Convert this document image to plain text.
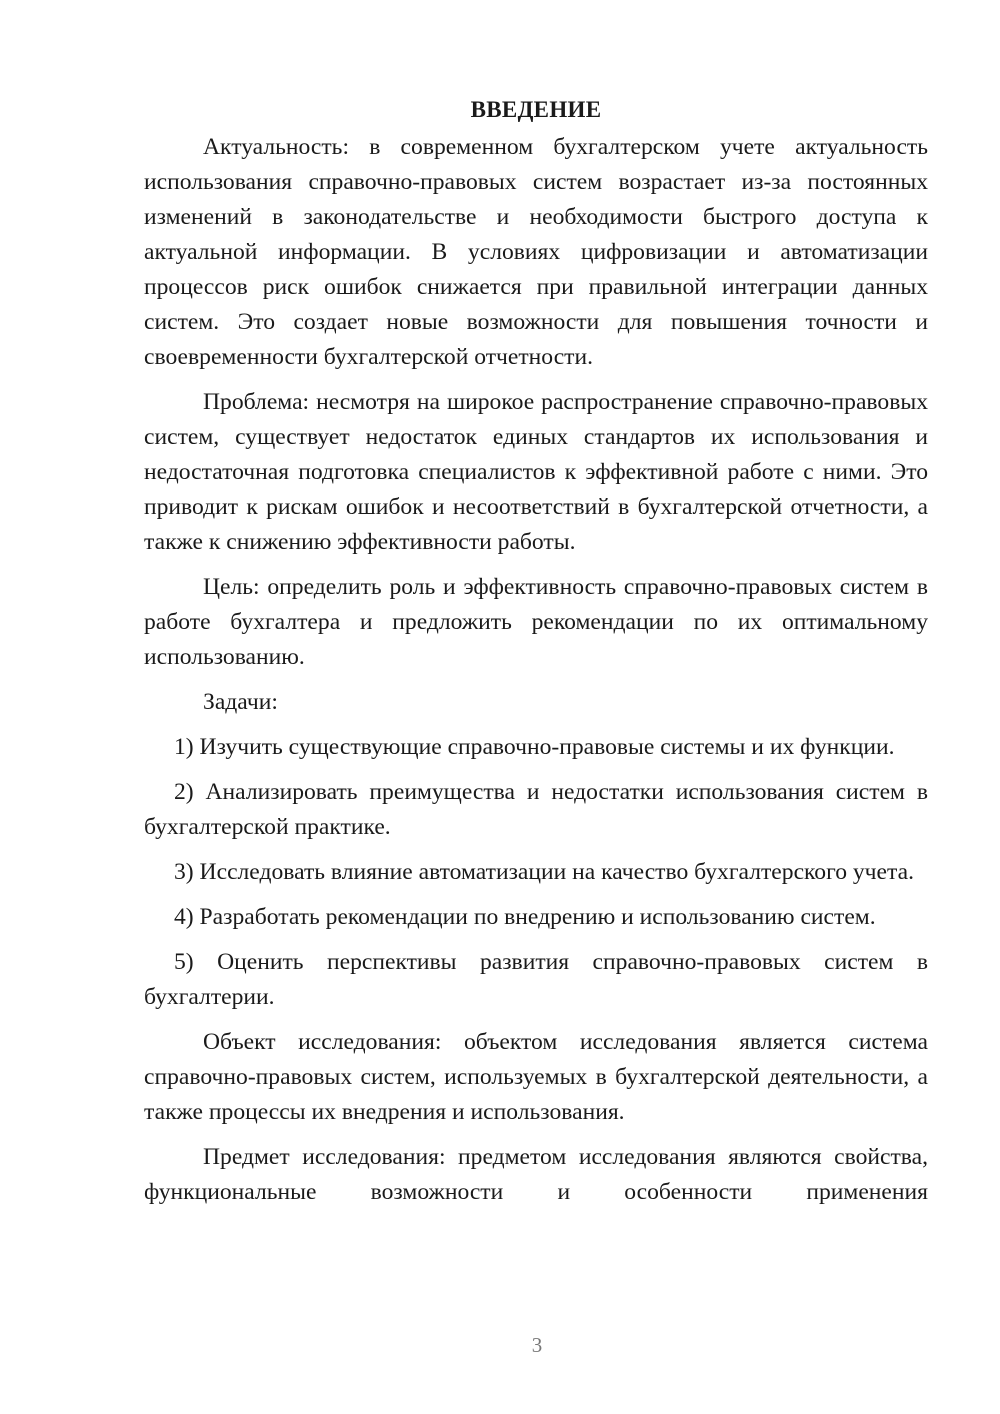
ВВЕДЕНИЕ

Актуальность: в современном бухгалтерском учете актуальность использования справочно-правовых систем возрастает из-за постоянных изменений в законодательстве и необходимости быстрого доступа к актуальной информации. В условиях цифровизации и автоматизации процессов риск ошибок снижается при правильной интеграции данных систем. Это создает новые возможности для повышения точности и своевременности бухгалтерской отчетности.

Проблема: несмотря на широкое распространение справочно-правовых систем, существует недостаток единых стандартов их использования и недостаточная подготовка специалистов к эффективной работе с ними. Это приводит к рискам ошибок и несоответствий в бухгалтерской отчетности, а также к снижению эффективности работы.

Цель: определить роль и эффективность справочно-правовых систем в работе бухгалтера и предложить рекомендации по их оптимальному использованию.

Задачи:

1) Изучить существующие справочно-правовые системы и их функции.

2) Анализировать преимущества и недостатки использования систем в бухгалтерской практике.

3) Исследовать влияние автоматизации на качество бухгалтерского учета.

4) Разработать рекомендации по внедрению и использованию систем.

5) Оценить перспективы развития справочно-правовых систем в бухгалтерии.

Объект исследования: объектом исследования является система справочно-правовых систем, используемых в бухгалтерской деятельности, а также процессы их внедрения и использования.

Предмет исследования: предметом исследования являются свойства, функциональные возможности и особенности применения

3
